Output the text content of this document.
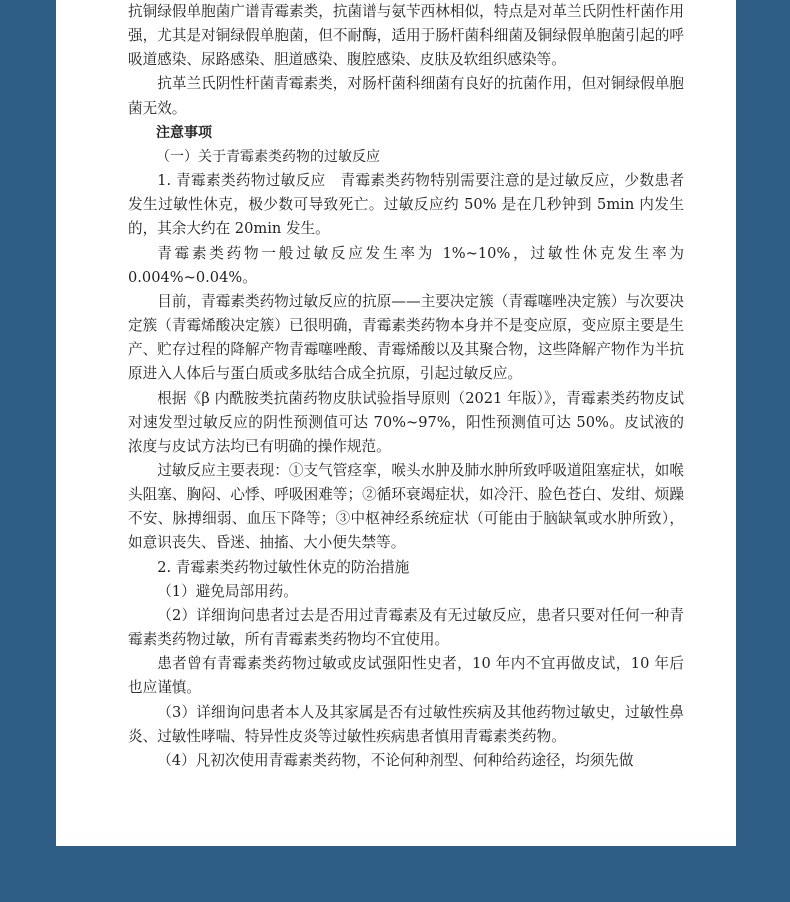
抗铜绿假单胞菌广谱青霉素类，抗菌谱与氨苄西林相似，特点是对革兰氏阴性杆菌作用强，尤其是对铜绿假单胞菌，但不耐酶，适用于肠杆菌科细菌及铜绿假单胞菌引起的呼吸道感染、尿路感染、胆道感染、腹腔感染、皮肤及软组织感染等。

抗革兰氏阴性杆菌青霉素类，对肠杆菌科细菌有良好的抗菌作用，但对铜绿假单胞菌无效。

注意事项

（一）关于青霉素类药物的过敏反应

1. 青霉素类药物过敏反应　青霉素类药物特别需要注意的是过敏反应，少数患者发生过敏性休克，极少数可导致死亡。过敏反应约 50% 是在几秒钟到 5min 内发生的，其余大约在 20min 发生。

青霉素类药物一般过敏反应发生率为 1%~10%，过敏性休克发生率为 0.004%~0.04%。

目前，青霉素类药物过敏反应的抗原——主要决定簇（青霉噻唑决定簇）与次要决定簇（青霉烯酸决定簇）已很明确，青霉素类药物本身并不是变应原，变应原主要是生产、贮存过程的降解产物青霉噻唑酸、青霉烯酸以及其聚合物，这些降解产物作为半抗原进入人体后与蛋白质或多肽结合成全抗原，引起过敏反应。

根据《β 内酰胺类抗菌药物皮肤试验指导原则（2021 年版）》，青霉素类药物皮试对速发型过敏反应的阴性预测值可达 70%~97%，阳性预测值可达 50%。皮试液的浓度与皮试方法均已有明确的操作规范。

过敏反应主要表现：①支气管痉挛，喉头水肿及肺水肿所致呼吸道阻塞症状，如喉头阻塞、胸闷、心悸、呼吸困难等；②循环衰竭症状，如冷汗、脸色苍白、发绀、烦躁不安、脉搏细弱、血压下降等；③中枢神经系统症状（可能由于脑缺氧或水肿所致），如意识丧失、昏迷、抽搐、大小便失禁等。

2. 青霉素类药物过敏性休克的防治措施

（1）避免局部用药。

（2）详细询问患者过去是否用过青霉素及有无过敏反应，患者只要对任何一种青霉素类药物过敏，所有青霉素类药物均不宜使用。

患者曾有青霉素类药物过敏或皮试强阳性史者，10 年内不宜再做皮试，10 年后也应谨慎。

（3）详细询问患者本人及其家属是否有过敏性疾病及其他药物过敏史，过敏性鼻炎、过敏性哮喘、特异性皮炎等过敏性疾病患者慎用青霉素类药物。

（4）凡初次使用青霉素类药物，不论何种剂型、何种给药途径，均须先做
